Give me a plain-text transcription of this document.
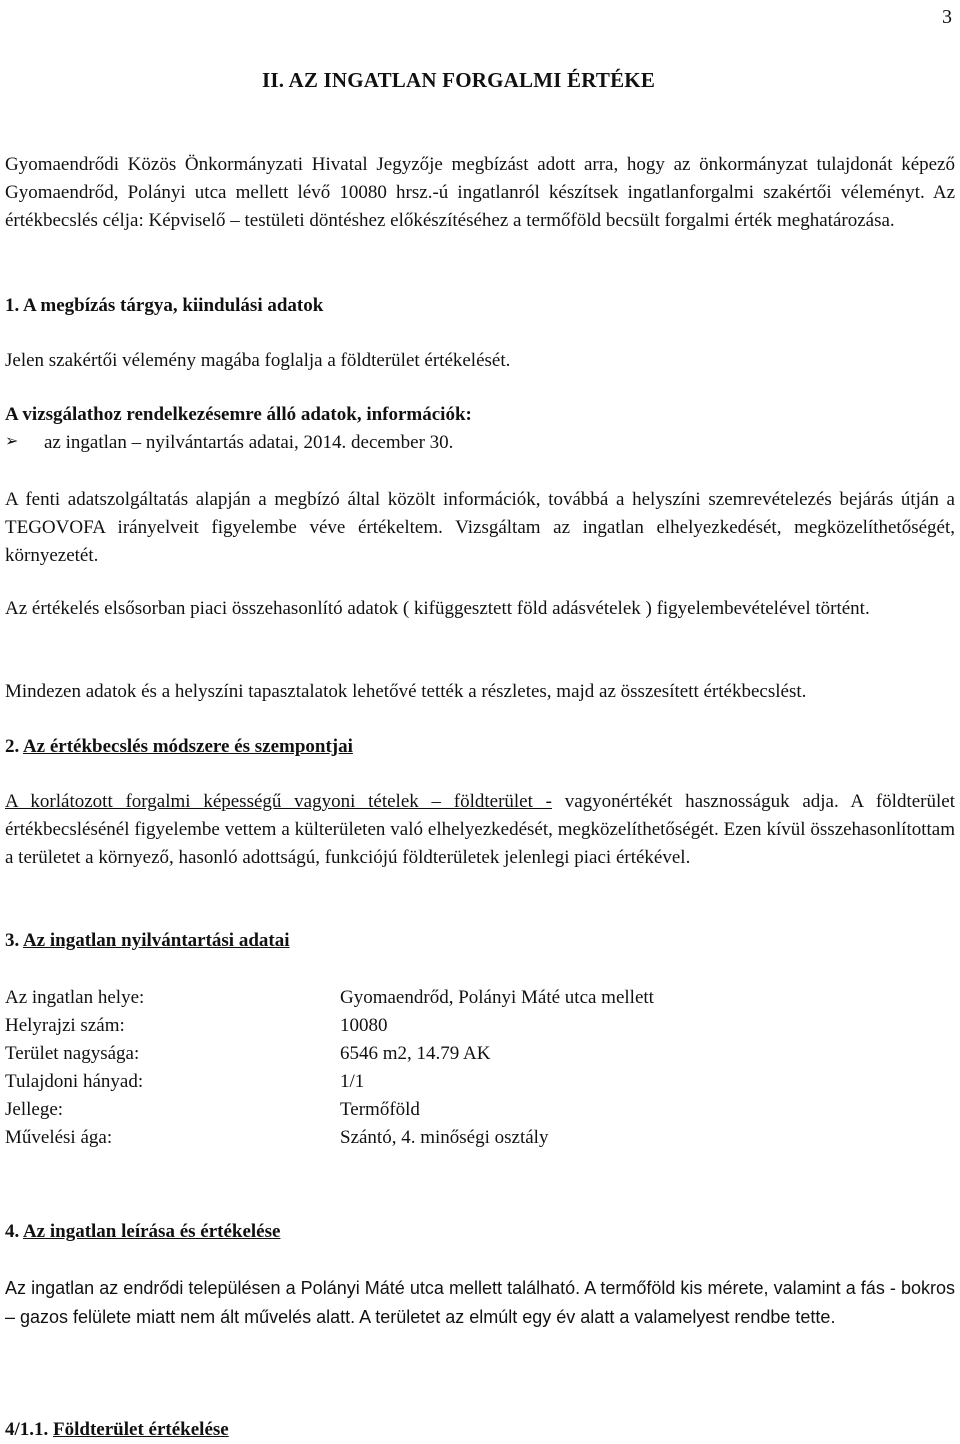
3
II. AZ INGATLAN FORGALMI ÉRTÉKE
Gyomaendrődi Közös Önkormányzati Hivatal Jegyzője megbízást adott arra, hogy az önkormányzat tulajdonát képező Gyomaendrőd, Polányi utca mellett lévő 10080 hrsz.-ú ingatlanról készítsek ingatlanforgalmi szakértői véleményt. Az értékbecslés célja: Képviselő – testületi döntéshez előkészítéséhez a termőföld becsült forgalmi érték meghatározása.
1. A megbízás tárgya, kiindulási adatok
Jelen szakértői vélemény magába foglalja a földterület értékelését.
A vizsgálathoz rendelkezésemre álló adatok, információk:
➢ az ingatlan – nyilvántartás adatai, 2014. december 30.
A fenti adatszolgáltatás alapján a megbízó által közölt információk, továbbá a helyszíni szemrevételezés bejárás útján a TEGOVOFA irányelveit figyelembe véve értékeltem. Vizsgáltam az ingatlan elhelyezkedését, megközelíthetőségét, környezetét.
Az értékelés elsősorban piaci összehasonlító adatok ( kifüggesztett föld adásvételek ) figyelembevételével történt.
Mindezen adatok és a helyszíni tapasztalatok lehetővé tették a részletes, majd az összesített értékbecslést.
2. Az értékbecslés módszere és szempontjai
A korlátozott forgalmi képességű vagyoni tételek – földterület - vagyonértékét hasznosságuk adja. A földterület értékbecslésénél figyelembe vettem a külterületen való elhelyezkedését, megközelíthetőségét. Ezen kívül összehasonlítottam a területet a környező, hasonló adottságú, funkciójú földterületek jelenlegi piaci értékével.
3. Az ingatlan nyilvántartási adatai
Az ingatlan helye:	Gyomaendrőd, Polányi Máté utca mellett
Helyrajzi szám:	10080
Terület nagysága:	6546 m2, 14.79 AK
Tulajdoni hányad:	1/1
Jellege:	Termőföld
Művelési ága:	Szántó, 4. minőségi osztály
4. Az ingatlan leírása és értékelése
Az ingatlan az endrődi településen a Polányi Máté utca mellett található. A termőföld kis mérete, valamint a fás - bokros – gazos felülete miatt nem ált művelés alatt. A területet az elmúlt egy év alatt a valamelyest rendbe tette.
4/1.1. Földterület értékelése
